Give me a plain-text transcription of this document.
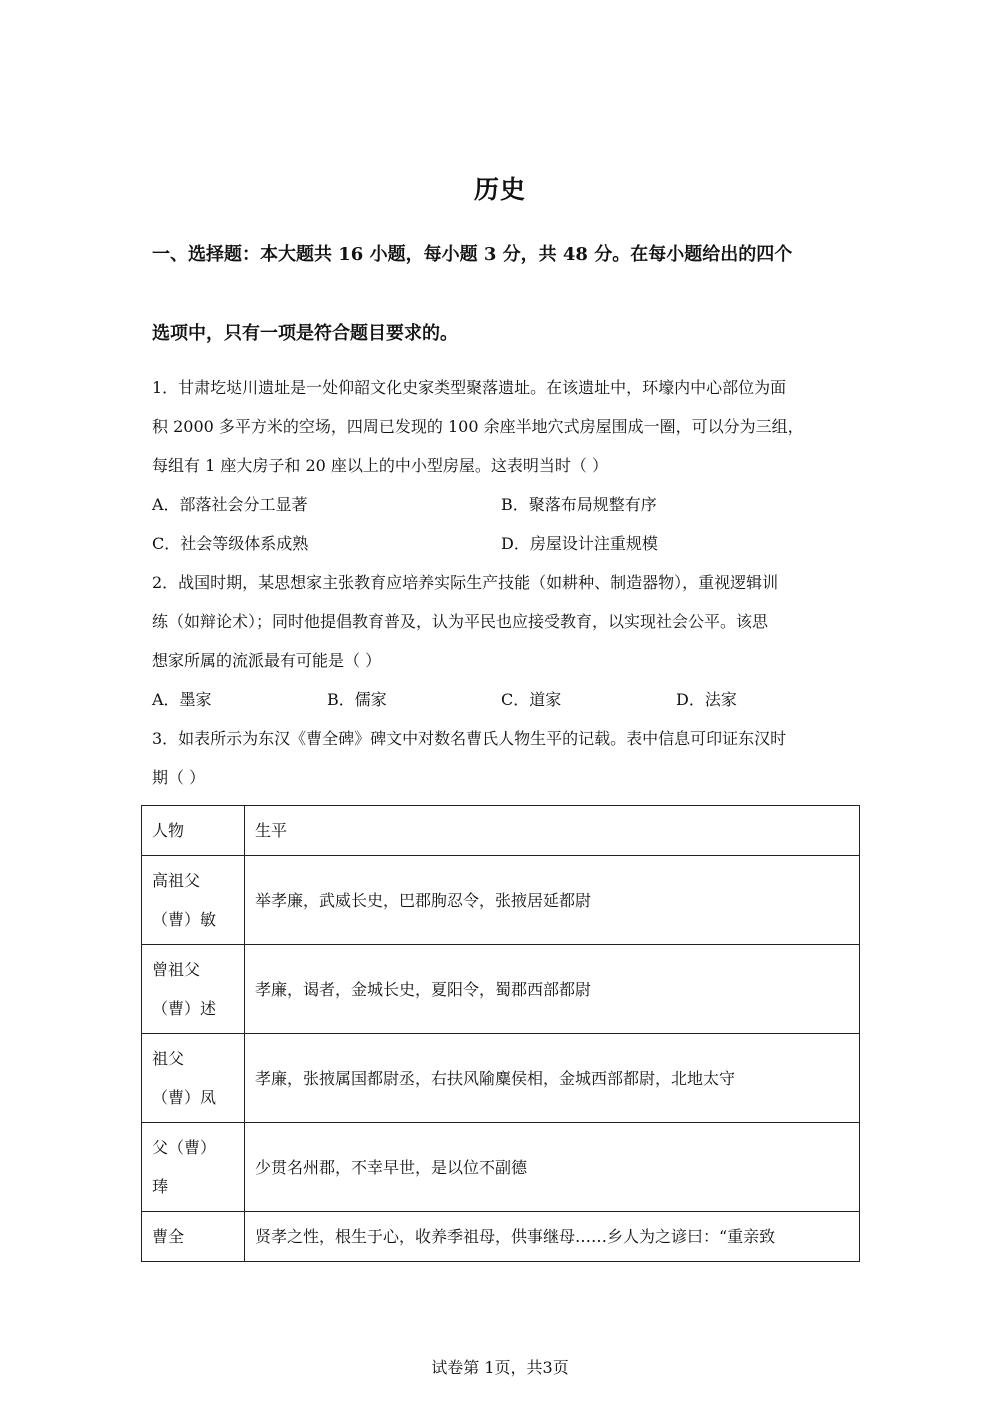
历史
一、选择题：本大题共 16 小题，每小题 3 分，共 48 分。在每小题给出的四个
选项中，只有一项是符合题目要求的。
1．甘肃圪垯川遗址是一处仰韶文化史家类型聚落遗址。在该遗址中，环壕内中心部位为面
积 2000 多平方米的空场，四周已发现的 100 余座半地穴式房屋围成一圈，可以分为三组，
每组有 1 座大房子和 20 座以上的中小型房屋。这表明当时（ ）
A．部落社会分工显著	B．聚落布局规整有序
C．社会等级体系成熟	D．房屋设计注重规模
2．战国时期，某思想家主张教育应培养实际生产技能（如耕种、制造器物），重视逻辑训
练（如辩论术）；同时他提倡教育普及，认为平民也应接受教育，以实现社会公平。该思
想家所属的流派最有可能是（ ）
A．墨家	B．儒家	C．道家	D．法家
3．如表所示为东汉《曹全碑》碑文中对数名曹氏人物生平的记载。表中信息可印证东汉时
期（ ）
人物	生平

高祖父
（曹）敏	举孝廉，武威长史，巴郡朐忍令，张掖居延都尉

曾祖父
（曹）述	孝廉，谒者，金城长史，夏阳令，蜀郡西部都尉

祖父
（曹）凤	孝廉，张掖属国都尉丞，右扶风隃麋侯相，金城西部都尉，北地太守

父（曹）
琫	少贯名州郡，不幸早世，是以位不副德

曹全	贤孝之性，根生于心，收养季祖母，供事继母……乡人为之谚曰：“重亲致
试卷第 1页，共3页
